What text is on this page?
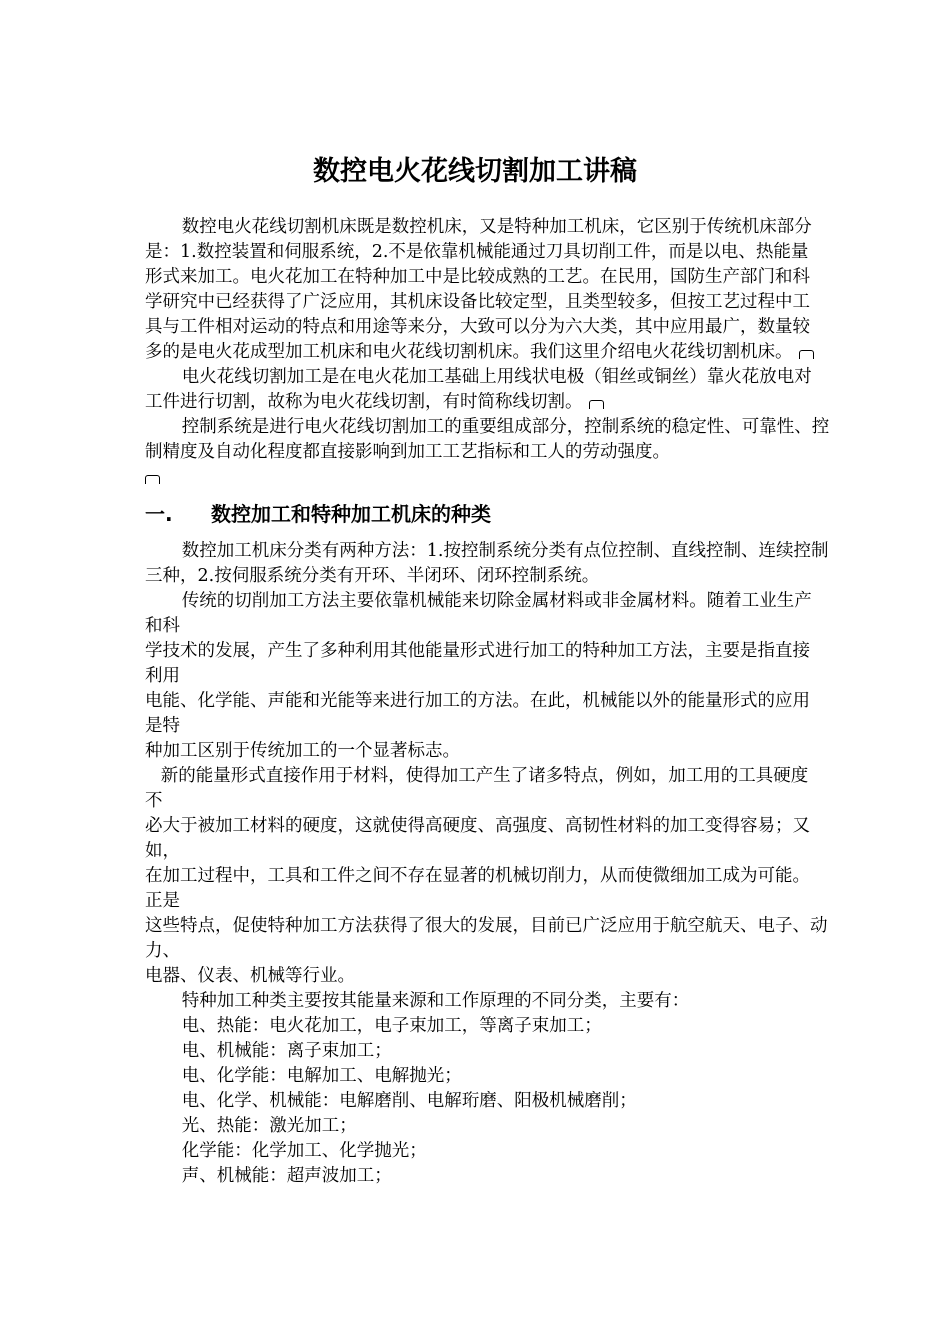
数控电火花线切割加工讲稿

数控电火花线切割机床既是数控机床，又是特种加工机床，它区别于传统机床部分是：1.数控装置和伺服系统，2.不是依靠机械能通过刀具切削工件，而是以电、热能量形式来加工。电火花加工在特种加工中是比较成熟的工艺。在民用，国防生产部门和科学研究中已经获得了广泛应用，其机床设备比较定型，且类型较多，但按工艺过程中工具与工件相对运动的特点和用途等来分，大致可以分为六大类，其中应用最广，数量较多的是电火花成型加工机床和电火花线切割机床。我们这里介绍电火花线切割机床。

电火花线切割加工是在电火花加工基础上用线状电极（钼丝或铜丝）靠火花放电对工件进行切割，故称为电火花线切割，有时简称线切割。

控制系统是进行电火花线切割加工的重要组成部分，控制系统的稳定性、可靠性、控制精度及自动化程度都直接影响到加工工艺指标和工人的劳动强度。

一. 数控加工和特种加工机床的种类

数控加工机床分类有两种方法：1.按控制系统分类有点位控制、直线控制、连续控制三种，2.按伺服系统分类有开环、半闭环、闭环控制系统。

传统的切削加工方法主要依靠机械能来切除金属材料或非金属材料。随着工业生产和科

学技术的发展，产生了多种利用其他能量形式进行加工的特种加工方法，主要是指直接利用

电能、化学能、声能和光能等来进行加工的方法。在此，机械能以外的能量形式的应用是特

种加工区别于传统加工的一个显著标志。

新的能量形式直接作用于材料，使得加工产生了诸多特点，例如，加工用的工具硬度不

必大于被加工材料的硬度，这就使得高硬度、高强度、高韧性材料的加工变得容易；又如，

在加工过程中，工具和工件之间不存在显著的机械切削力，从而使微细加工成为可能。正是

这些特点，促使特种加工方法获得了很大的发展，目前已广泛应用于航空航天、电子、动力、

电器、仪表、机械等行业。

特种加工种类主要按其能量来源和工作原理的不同分类，主要有：

电、热能：电火花加工，电子束加工，等离子束加工；

电、机械能：离子束加工；

电、化学能：电解加工、电解抛光；

电、化学、机械能：电解磨削、电解珩磨、阳极机械磨削；

光、热能：激光加工；

化学能：化学加工、化学抛光；

声、机械能：超声波加工；
